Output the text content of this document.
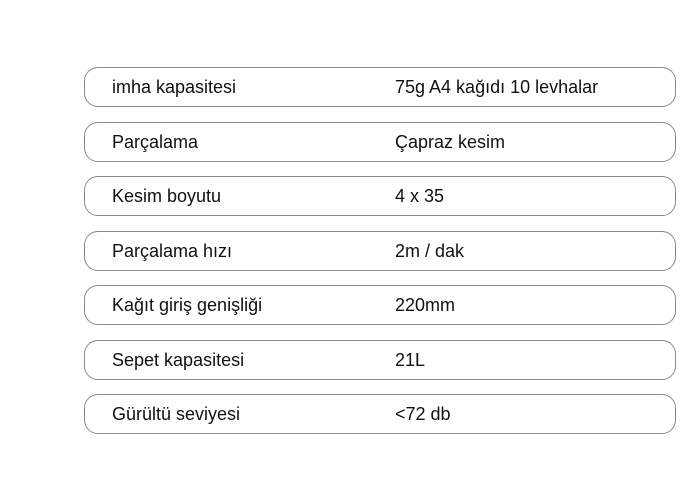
imha kapasitesi	75g A4 kağıdı 10 levhalar
Parçalama	Çapraz kesim
Kesim boyutu	4 x 35
Parçalama hızı	2m / dak
Kağıt giriş genişliği	220mm
Sepet kapasitesi	21L
Gürültü seviyesi	<72 db
